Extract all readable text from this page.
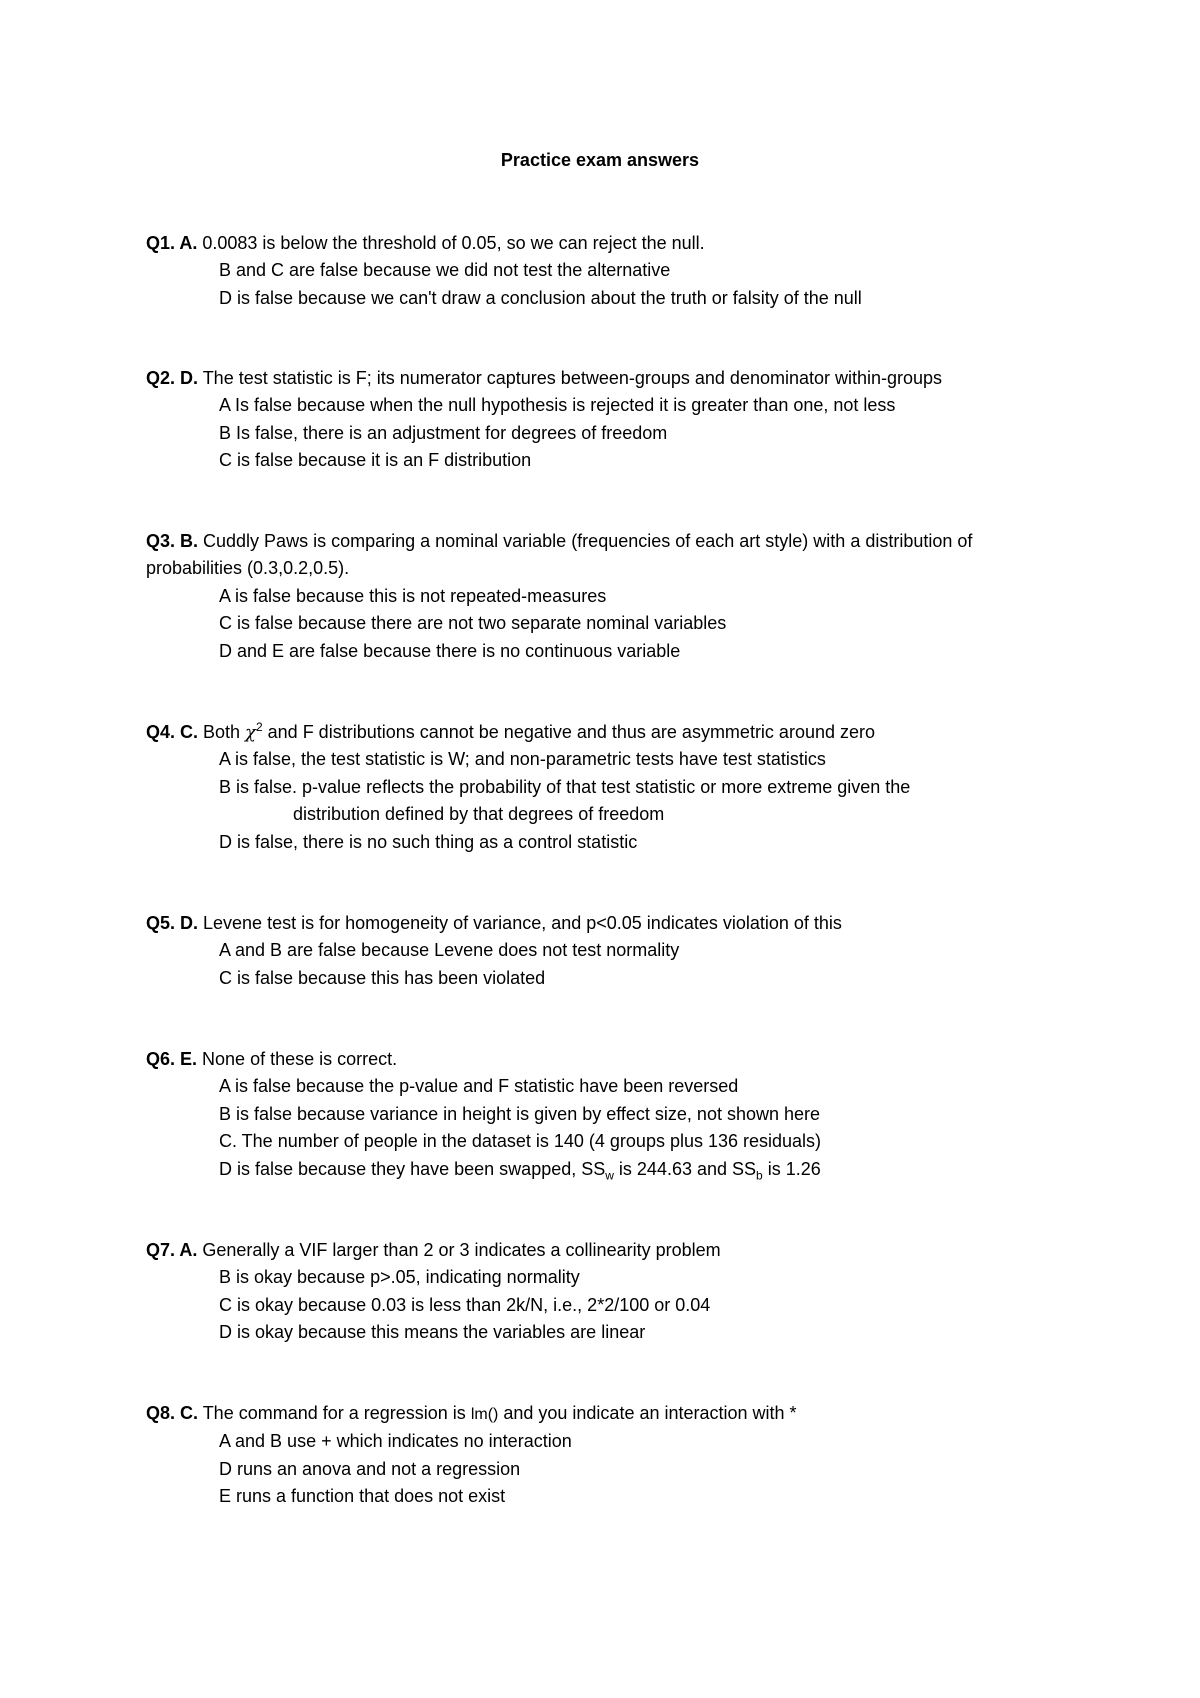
Practice exam answers
Q1. A. 0.0083 is below the threshold of 0.05, so we can reject the null.
B and C are false because we did not test the alternative
D is false because we can't draw a conclusion about the truth or falsity of the null
Q2. D. The test statistic is F; its numerator captures between-groups and denominator within-groups
A Is false because when the null hypothesis is rejected it is greater than one, not less
B Is false, there is an adjustment for degrees of freedom
C is false because it is an F distribution
Q3. B. Cuddly Paws is comparing a nominal variable (frequencies of each art style) with a distribution of probabilities (0.3,0.2,0.5).
A is false because this is not repeated-measures
C is false because there are not two separate nominal variables
D and E are false because there is no continuous variable
Q4. C. Both $\chi^2$ and F distributions cannot be negative and thus are asymmetric around zero
A is false, the test statistic is W; and non-parametric tests have test statistics
B is false. p-value reflects the probability of that test statistic or more extreme given the
distribution defined by that degrees of freedom
D is false, there is no such thing as a control statistic
Q5. D. Levene test is for homogeneity of variance, and p<0.05 indicates violation of this
A and B are false because Levene does not test normality
C is false because this has been violated
Q6. E. None of these is correct.
A is false because the p-value and F statistic have been reversed
B is false because variance in height is given by effect size, not shown here
C. The number of people in the dataset is 140 (4 groups plus 136 residuals)
D is false because they have been swapped, $SS_w$ is 244.63 and $SS_b$ is 1.26
Q7. A. Generally a VIF larger than 2 or 3 indicates a collinearity problem
B is okay because p>.05, indicating normality
C is okay because 0.03 is less than 2k/N, i.e., 2*2/100 or 0.04
D is okay because this means the variables are linear
Q8. C. The command for a regression is lm() and you indicate an interaction with *
A and B use + which indicates no interaction
D runs an anova and not a regression
E runs a function that does not exist
